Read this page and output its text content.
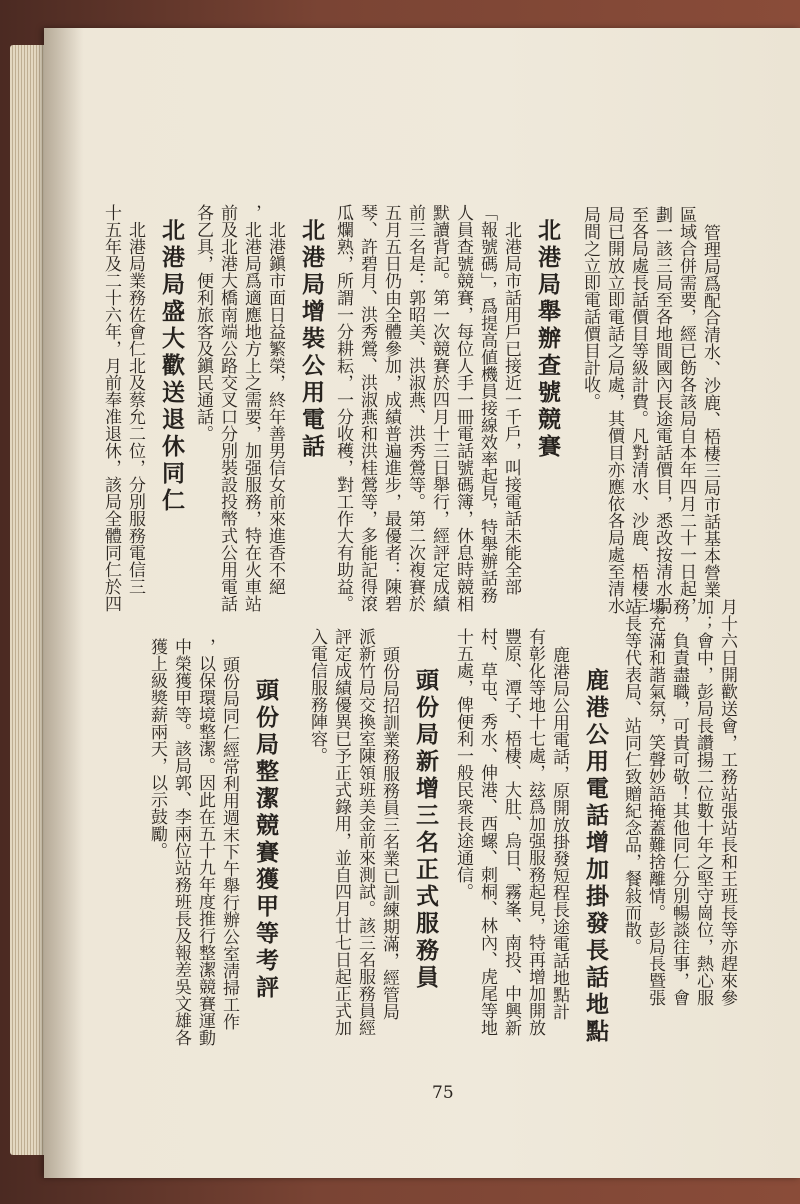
管理局爲配合清水、沙鹿、梧棲三局市話基本營業
區域合併需要，經已飭各該局自本年四月二十一日起，
劃一該三局至各地間國內長途電話價目，悉改按清水局
至各局處長話價目等級計費。凡對清水、沙鹿、梧棲三
局已開放立即電話之局處，其價目亦應依各局處至清水
局間之立即電話價目計收。
北港局舉辦查號競賽
北港局市話用戶已接近一千戶，叫接電話未能全部
「報號碼」，爲提高値機員接線效率起見，特舉辦話務
人員查號競賽，每位人手一冊電話號碼簿，休息時競相
默讀背記。第一次競賽於四月十三日舉行，經評定成績
前三名是：郭昭美、洪淑燕、洪秀鶯等。第二次複賽於
五月五日仍由全體參加，成績普遍進步，最優者：陳碧
琴、許碧月、洪秀鶯、洪淑燕和洪桂鶯等，多能記得滾
瓜爛熟，所謂一分耕耘，一分收穫，對工作大有助益。
北港局增裝公用電話
北港鎭市面日益繁榮，終年善男信女前來進香不絕
，北港局爲適應地方上之需要，加强服務，特在火車站
前及北港大橋南端公路交叉口分別裝設投幣式公用電話
各乙具，便利旅客及鎭民通話。
北港局盛大歡送退休同仁
北港局業務佐會仁北及蔡允二位，分別服務電信三
十五年及二十六年，月前奉准退休，該局全體同仁於四
月十六日開歡送會，工務站張站長和王班長等亦趕來參
加；會中，彭局長讚揚二位數十年之堅守崗位，熱心服
務，負責盡職，可貴可敬！其他同仁分別暢談往事，會
場充滿和諧氣氛，笑聲妙語掩蓋難捨離情。彭局長暨張
站長等代表局、站同仁致贈紀念品，餐敍而散。
鹿港公用電話增加掛發長話地點
鹿港局公用電話，原開放掛發短程長途電話地點計
有彰化等地十七處，玆爲加强服務起見，特再增加開放
豐原、潭子、梧棲、大肚、烏日、霧峯、南投、中興新
村、草屯、秀水、伸港、西螺、刺桐、林內、虎尾等地
十五處，俾便利一般民衆長途通信。
頭份局新增三名正式服務員
頭份局招訓業務服務員三名業已訓練期滿，經管局
派新竹局交換室陳領班美金前來測試。該三名服務員經
評定成績優異已予正式錄用，並自四月廿七日起正式加
入電信服務陣容。
頭份局整潔競賽獲甲等考評
頭份局同仁經常利用週末下午舉行辦公室淸掃工作
，以保環境整潔。因此在五十九年度推行整潔競賽運動
中榮獲甲等。該局郭、李兩位站務班長及報差吳文雄各
獲上級獎薪兩天，以示鼓勵。
75
